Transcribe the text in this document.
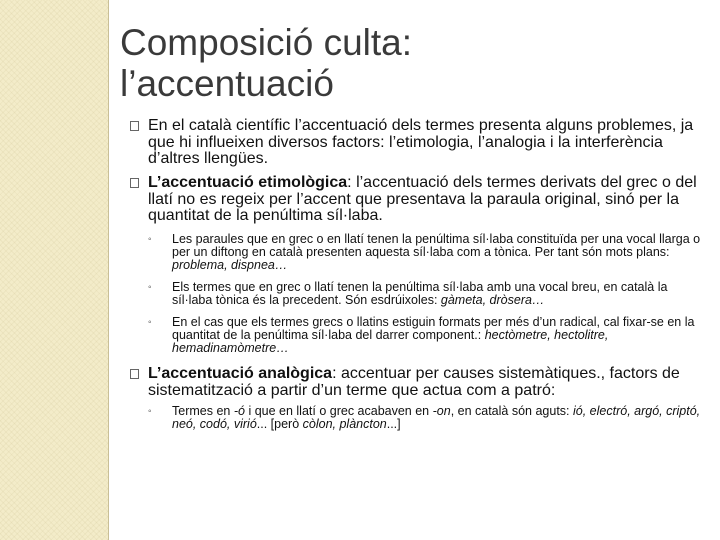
Composició culta:
l’accentuació
En el català científic l’accentuació dels termes presenta alguns problemes, ja que hi influeixen diversos factors: l’etimologia, l’analogia i la interferència d’altres llengües.
L’accentuació etimològica: l’accentuació dels termes derivats del grec o del llatí no es regeix per l’accent que presentava la paraula original, sinó per la quantitat de la penúltima síl·laba.
◦ Les paraules que en grec o en llatí tenen la penúltima síl·laba constituïda per una vocal llarga o per un diftong en català presenten aquesta síl·laba com a tònica. Per tant són mots plans: problema, dispnea…
◦ Els termes que en grec o llatí tenen la penúltima síl·laba amb una vocal breu, en català la síl·laba tònica és la precedent. Són esdrúixoles: gàmeta, dròsera…
◦ En el cas que els termes grecs o llatins estiguin formats per més d’un radical, cal fixar-se en la quantitat de la penúltima síl·laba del darrer component.: hectòmetre, hectolitre, hemadinamòmetre…
L’accentuació analògica: accentuar per causes sistemàtiques., factors de sistematització a partir d’un terme que actua com a patró:
◦ Termes en -ó i que en llatí o grec acabaven en -on, en català són aguts: ió, electró, argó, criptó, neó, codó, virió... [però còlon, plàncton...]
